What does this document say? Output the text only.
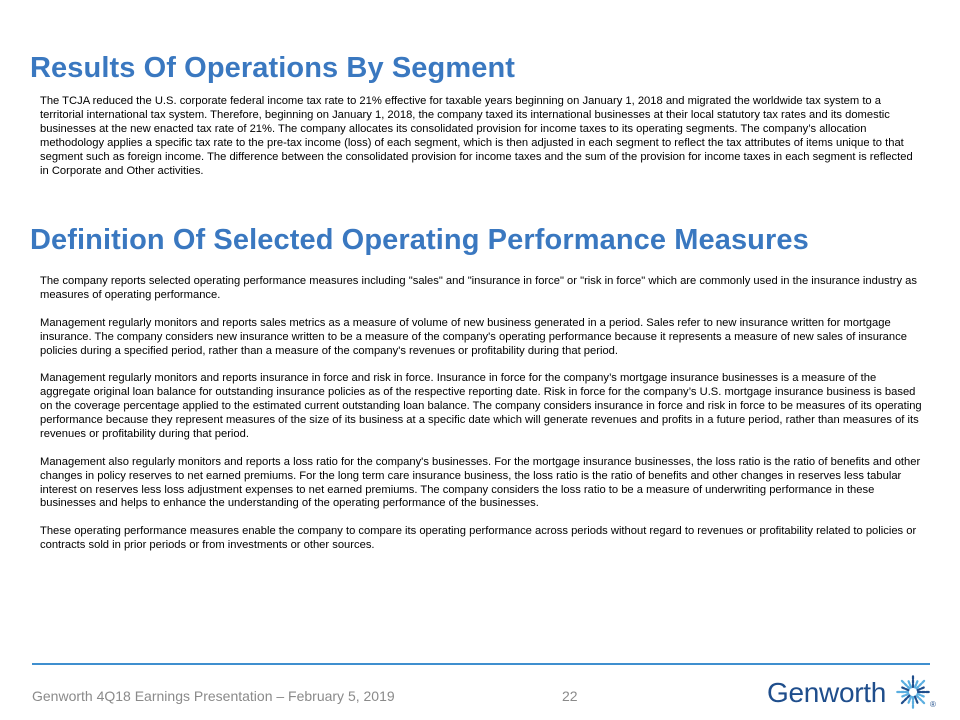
Results Of Operations By Segment

The TCJA reduced the U.S. corporate federal income tax rate to 21% effective for taxable years beginning on January 1, 2018 and migrated the worldwide tax system to a territorial international tax system. Therefore, beginning on January 1, 2018, the company taxed its international businesses at their local statutory tax rates and its domestic businesses at the new enacted tax rate of 21%. The company allocates its consolidated provision for income taxes to its operating segments. The company’s allocation methodology applies a specific tax rate to the pre-tax income (loss) of each segment, which is then adjusted in each segment to reflect the tax attributes of items unique to that segment such as foreign income. The difference between the consolidated provision for income taxes and the sum of the provision for income taxes in each segment is reflected in Corporate and Other activities.

Definition Of Selected Operating Performance Measures

The company reports selected operating performance measures including "sales" and "insurance in force" or "risk in force" which are commonly used in the insurance industry as measures of operating performance.

Management regularly monitors and reports sales metrics as a measure of volume of new business generated in a period. Sales refer to new insurance written for mortgage insurance. The company considers new insurance written to be a measure of the company's operating performance because it represents a measure of new sales of insurance policies during a specified period, rather than a measure of the company's revenues or profitability during that period.

Management regularly monitors and reports insurance in force and risk in force. Insurance in force for the company’s mortgage insurance businesses is a measure of the aggregate original loan balance for outstanding insurance policies as of the respective reporting date. Risk in force for the company’s U.S. mortgage insurance business is based on the coverage percentage applied to the estimated current outstanding loan balance. The company considers insurance in force and risk in force to be measures of its operating performance because they represent measures of the size of its business at a specific date which will generate revenues and profits in a future period, rather than measures of its revenues or profitability during that period.

Management also regularly monitors and reports a loss ratio for the company's businesses. For the mortgage insurance businesses, the loss ratio is the ratio of benefits and other changes in policy reserves to net earned premiums. For the long term care insurance business, the loss ratio is the ratio of benefits and other changes in reserves less tabular interest on reserves less loss adjustment expenses to net earned premiums. The company considers the loss ratio to be a measure of underwriting performance in these businesses and helps to enhance the understanding of the operating performance of the businesses.

These operating performance measures enable the company to compare its operating performance across periods without regard to revenues or profitability related to policies or contracts sold in prior periods or from investments or other sources.

Genworth 4Q18 Earnings Presentation – February 5, 2019	22	Genworth	®
